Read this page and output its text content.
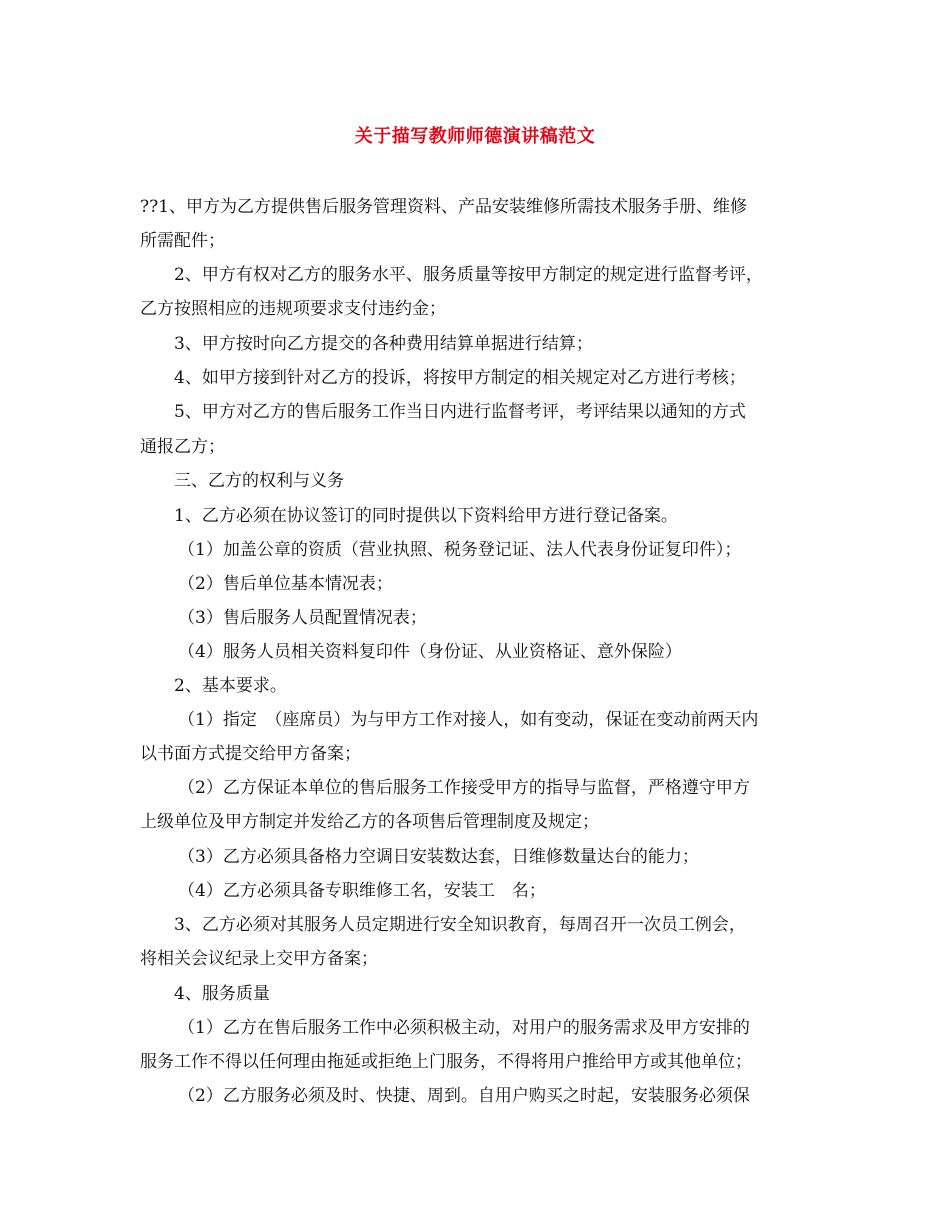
关于描写教师师德演讲稿范文
??1、甲方为乙方提供售后服务管理资料、产品安装维修所需技术服务手册、维修
所需配件；
2、甲方有权对乙方的服务水平、服务质量等按甲方制定的规定进行监督考评，
乙方按照相应的违规项要求支付违约金；
3、甲方按时向乙方提交的各种费用结算单据进行结算；
4、如甲方接到针对乙方的投诉，将按甲方制定的相关规定对乙方进行考核；
5、甲方对乙方的售后服务工作当日内进行监督考评，考评结果以通知的方式
通报乙方；
三、乙方的权利与义务
1、乙方必须在协议签订的同时提供以下资料给甲方进行登记备案。
（1）加盖公章的资质（营业执照、税务登记证、法人代表身份证复印件）；
（2）售后单位基本情况表；
（3）售后服务人员配置情况表；
（4）服务人员相关资料复印件（身份证、从业资格证、意外保险）
2、基本要求。
（1）指定　（座席员）为与甲方工作对接人，如有变动，保证在变动前两天内
以书面方式提交给甲方备案；
（2）乙方保证本单位的售后服务工作接受甲方的指导与监督，严格遵守甲方
上级单位及甲方制定并发给乙方的各项售后管理制度及规定；
（3）乙方必须具备格力空调日安装数达套，日维修数量达台的能力；
（4）乙方必须具备专职维修工名，安装工　名；
3、乙方必须对其服务人员定期进行安全知识教育，每周召开一次员工例会，
将相关会议纪录上交甲方备案；
4、服务质量
（1）乙方在售后服务工作中必须积极主动，对用户的服务需求及甲方安排的
服务工作不得以任何理由拖延或拒绝上门服务，不得将用户推给甲方或其他单位；
（2）乙方服务必须及时、快捷、周到。自用户购买之时起，安装服务必须保
